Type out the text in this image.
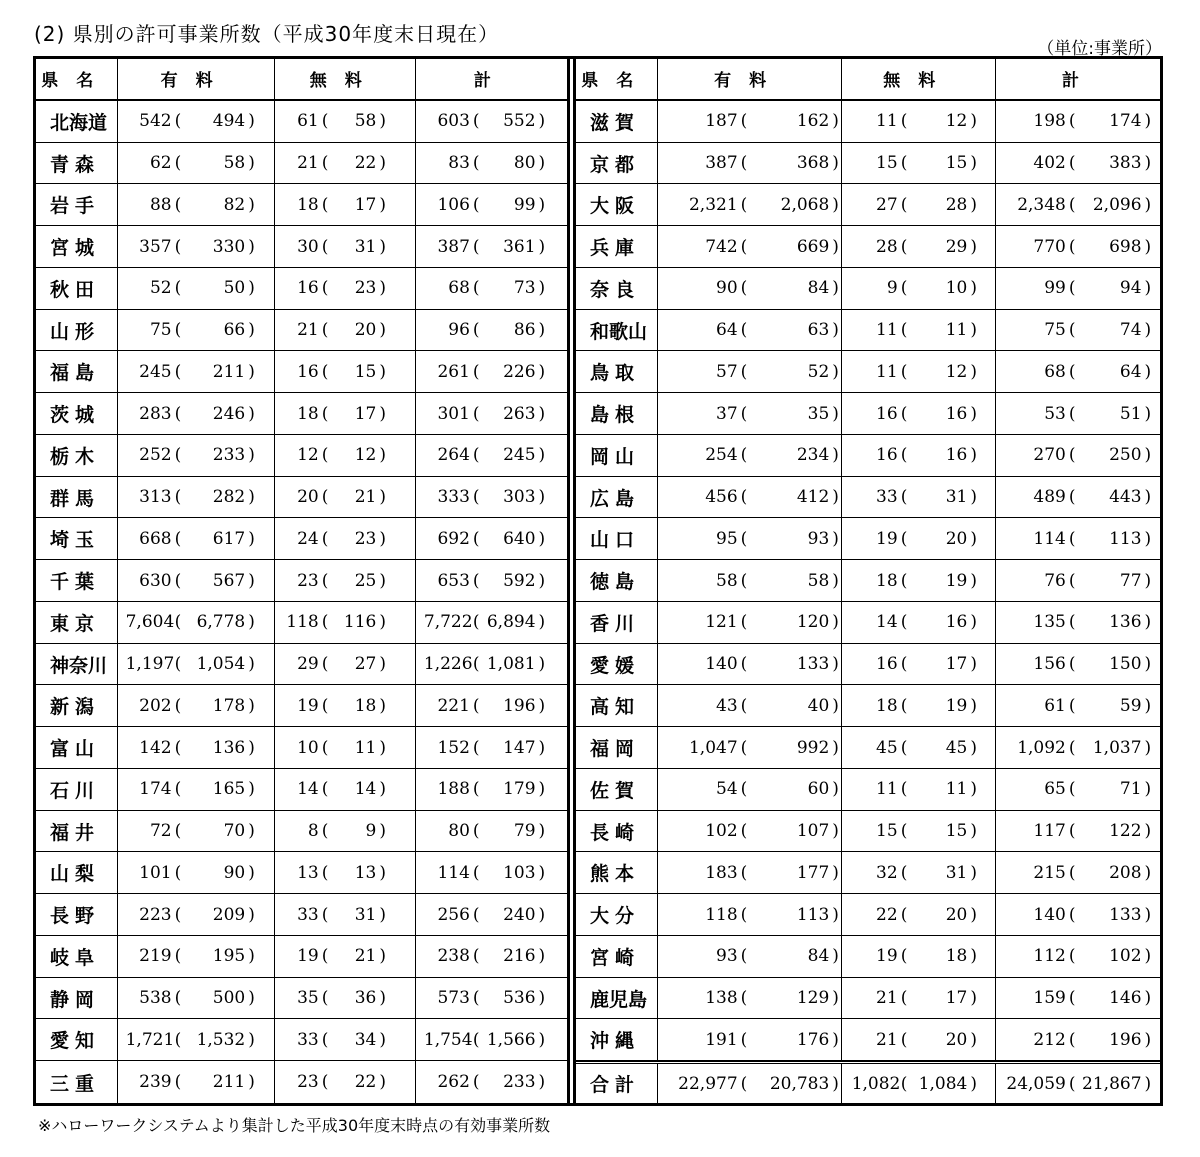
(2) 県別の許可事業所数（平成30年度末日現在）
（単位:事業所）
県名	有料	無料	計
北海道	542 (	494 )	61 (	58 )	603 (	552 )
青森	62 (	58 )	21 (	22 )	83 (	80 )
岩手	88 (	82 )	18 (	17 )	106 (	99 )
宮城	357 (	330 )	30 (	31 )	387 (	361 )
秋田	52 (	50 )	16 (	23 )	68 (	73 )
山形	75 (	66 )	21 (	20 )	96 (	86 )
福島	245 (	211 )	16 (	15 )	261 (	226 )
茨城	283 (	246 )	18 (	17 )	301 (	263 )
栃木	252 (	233 )	12 (	12 )	264 (	245 )
群馬	313 (	282 )	20 (	21 )	333 (	303 )
埼玉	668 (	617 )	24 (	23 )	692 (	640 )
千葉	630 (	567 )	23 (	25 )	653 (	592 )
東京	7,604 ( 6,778 ) 118 ( 116 ) 7,722 ( 6,894 )
神奈川	1,197 ( 1,054 )	29 (	27 ) 1,226 ( 1,081 )
新潟	202 (	178 )	19 (	18 )	221 (	196 )
富山	142 (	136 )	10 (	11 )	152 (	147 )
石川	174 (	165 )	14 (	14 )	188 (	179 )
福井	72 (	70 )	8 (	9 )	80 (	79 )
山梨	101 (	90 )	13 (	13 )	114 (	103 )
長野	223 (	209 )	33 (	31 )	256 (	240 )
岐阜	219 (	195 )	19 (	21 )	238 (	216 )
静岡	538 (	500 )	35 (	36 )	573 (	536 )
愛知	1,721 ( 1,532 )	33 (	34 ) 1,754 ( 1,566 )
三重	239 (	211 )	23 (	22 )	262 (	233 )
県名	有料	無料	計
滋賀	187 (	162 )	11 (	12 )	198 (	174 )
京都	387 (	368 )	15 (	15 )	402 (	383 )
大阪	2,321 (	2,068 )	27 (	28 )	2,348 (	2,096 )
兵庫	742 (	669 )	28 (	29 )	770 (	698 )
奈良	90 (	84 )	9 (	10 )	99 (	94 )
和歌山	64 (	63 )	11 (	11 )	75 (	74 )
鳥取	57 (	52 )	11 (	12 )	68 (	64 )
島根	37 (	35 )	16 (	16 )	53 (	51 )
岡山	254 (	234 )	16 (	16 )	270 (	250 )
広島	456 (	412 )	33 (	31 )	489 (	443 )
山口	95 (	93 )	19 (	20 )	114 (	113 )
徳島	58 (	58 )	18 (	19 )	76 (	77 )
香川	121 (	120 )	14 (	16 )	135 (	136 )
愛媛	140 (	133 )	16 (	17 )	156 (	150 )
高知	43 (	40 )	18 (	19 )	61 (	59 )
福岡	1,047 (	992 )	45 (	45 )	1,092 (	1,037 )
佐賀	54 (	60 )	11 (	11 )	65 (	71 )
長崎	102 (	107 )	15 (	15 )	117 (	122 )
熊本	183 (	177 )	32 (	31 )	215 (	208 )
大分	118 (	113 )	22 (	20 )	140 (	133 )
宮崎	93 (	84 )	19 (	18 )	112 (	102 )
鹿児島	138 (	129 )	21 (	17 )	159 (	146 )
沖縄	191 (	176 )	21 (	20 )	212 (	196 )
合計	22,977 (	20,783 ) 1,082 ( 1,084 ) 24,059 ( 21,867 )
※ハローワークシステムより集計した平成30年度末時点の有効事業所数
